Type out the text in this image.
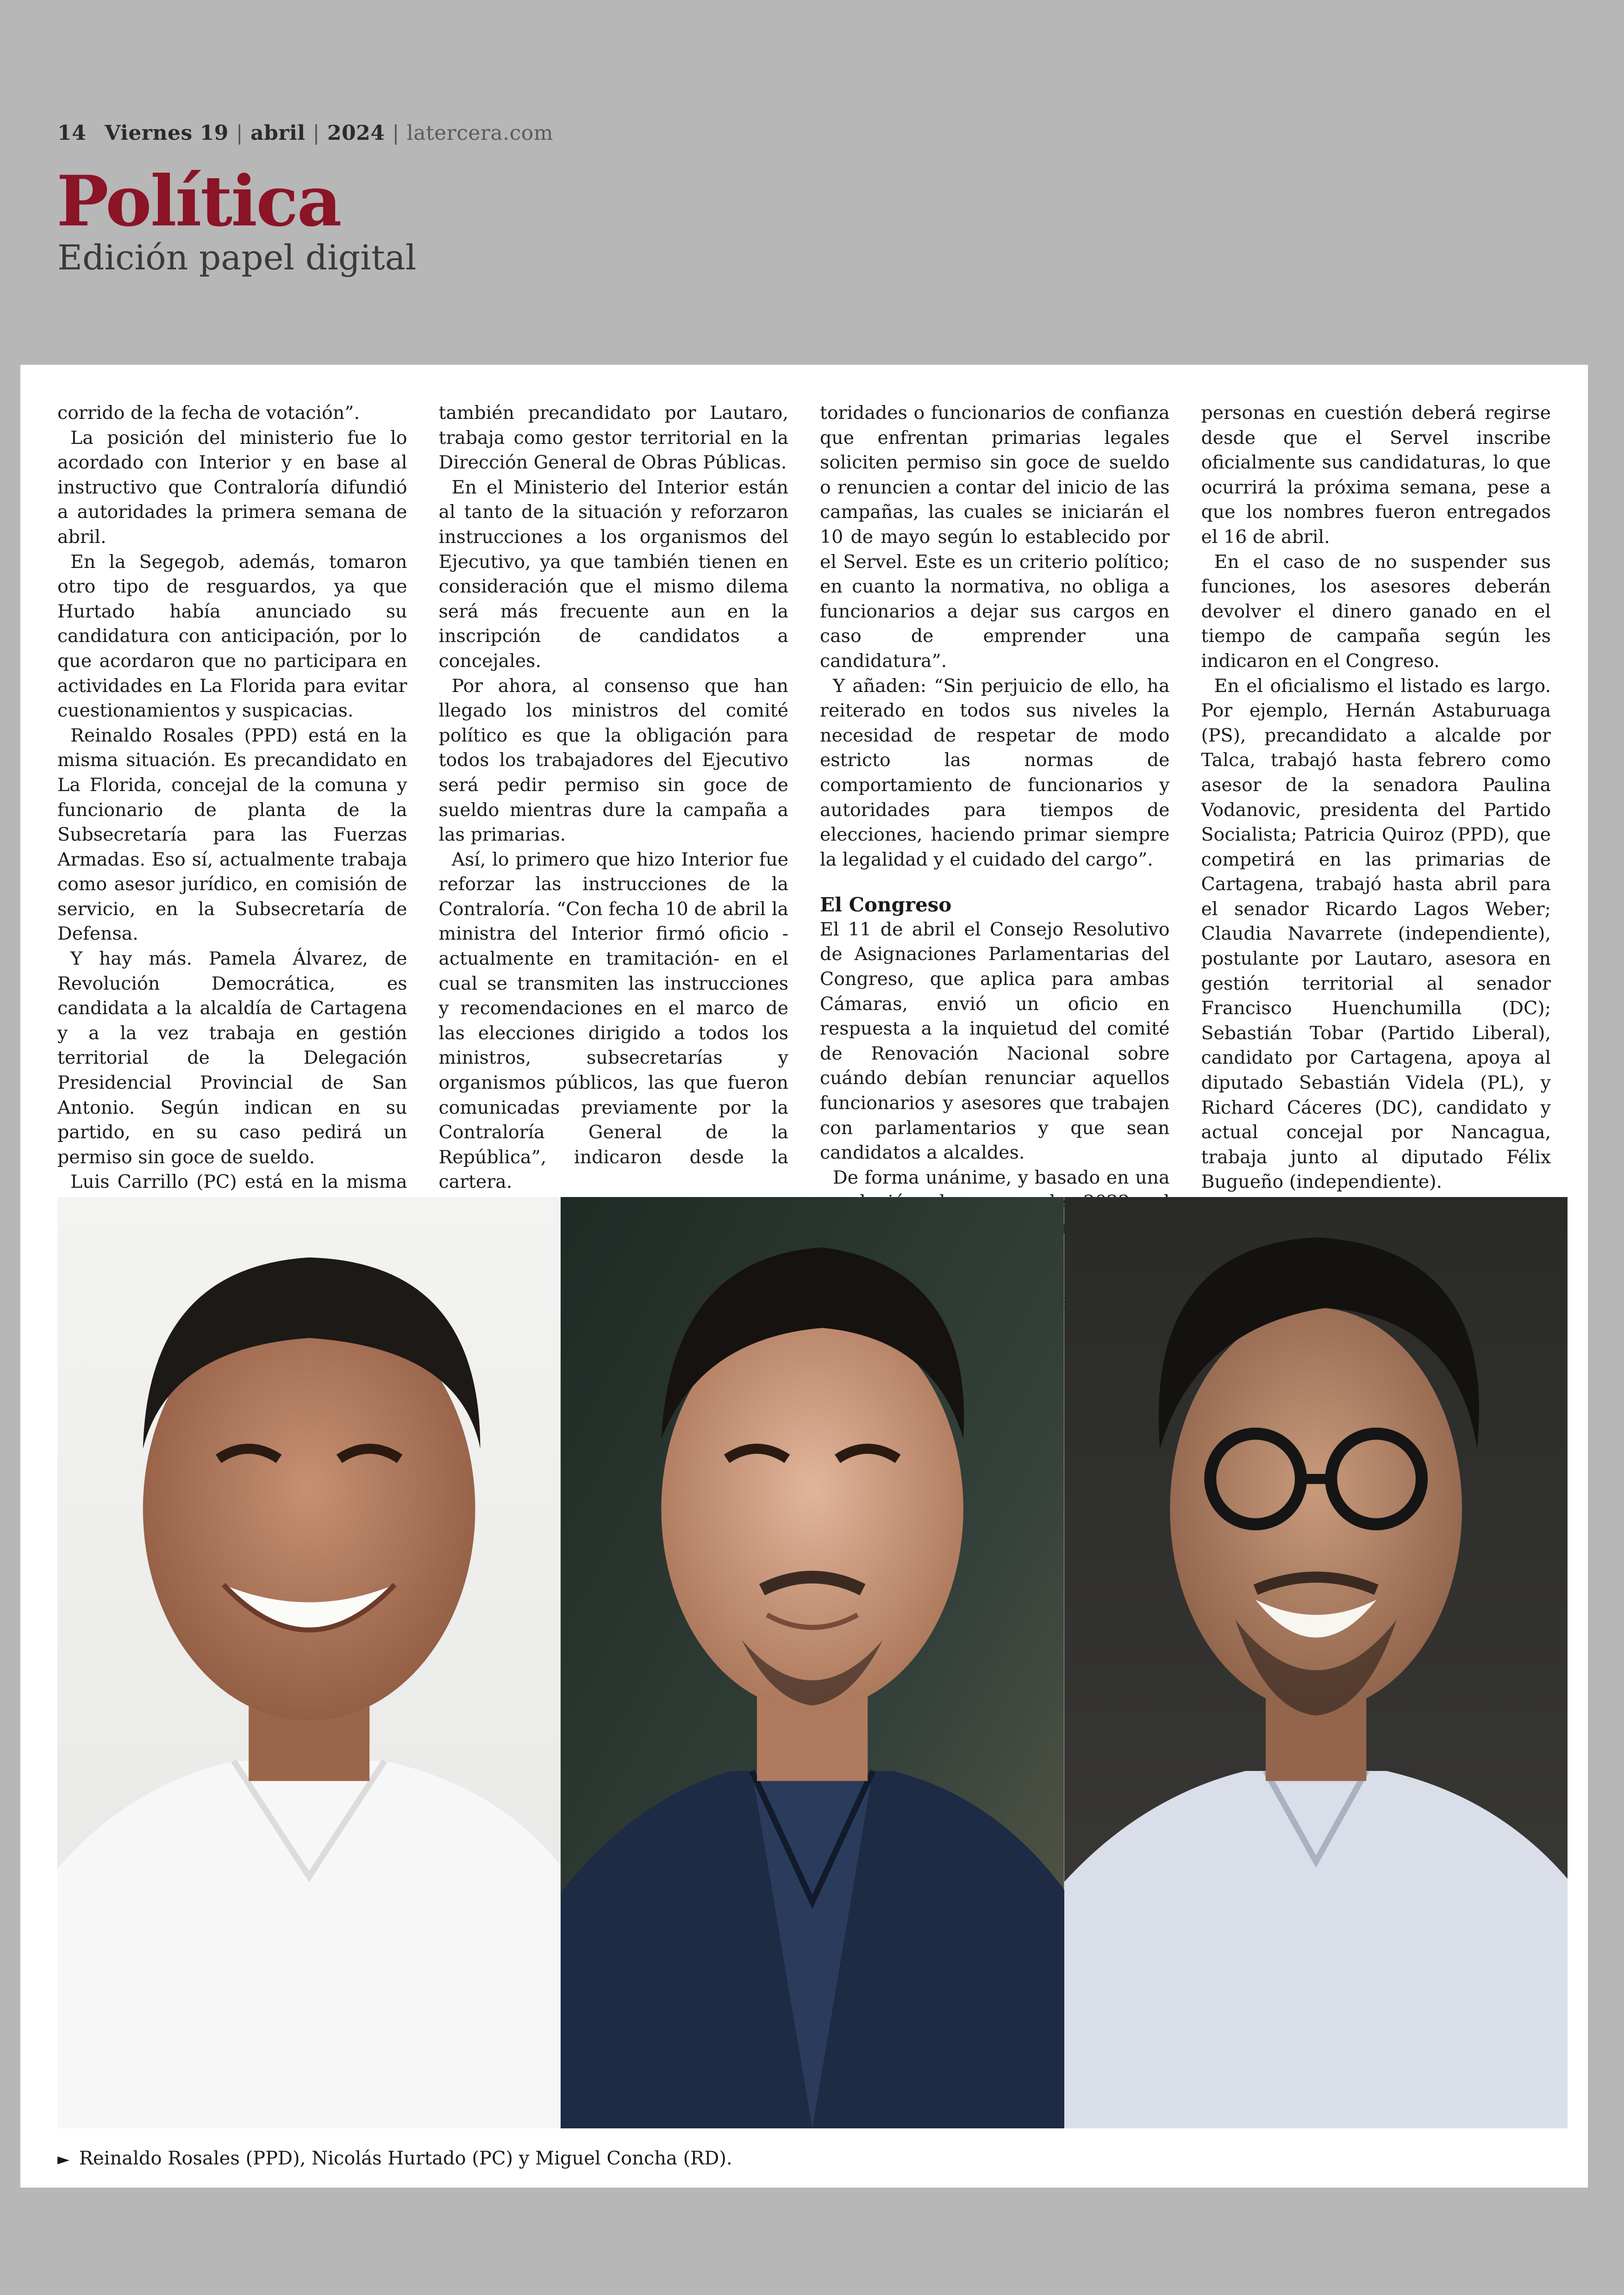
14 Viernes 19 | abril | 2024 | latercera.com
Política
Edición papel digital

corrido de la fecha de votación”.

La posición del ministerio fue lo acordado con Interior y en base al instructivo que Contraloría difundió a autoridades la primera semana de abril.

En la Segegob, además, tomaron otro tipo de resguardos, ya que Hurtado había anunciado su candidatura con anticipación, por lo que acordaron que no participara en actividades en La Florida para evitar cuestionamientos y suspicacias.

Reinaldo Rosales (PPD) está en la misma situación. Es precandidato en La Florida, concejal de la comuna y funcionario de planta de la Subsecretaría para las Fuerzas Armadas. Eso sí, actualmente trabaja como asesor jurídico, en comisión de servicio, en la Subsecretaría de Defensa.

Y hay más. Pamela Álvarez, de Revolución Democrática, es candidata a la alcaldía de Cartagena y a la vez trabaja en gestión territorial de la Delegación Presidencial Provincial de San Antonio. Según indican en su partido, en su caso pedirá un permiso sin goce de sueldo.

Luis Carrillo (PC) está en la misma

también precandidato por Lautaro, trabaja como gestor territorial en la Dirección General de Obras Públicas.

En el Ministerio del Interior están al tanto de la situación y reforzaron instrucciones a los organismos del Ejecutivo, ya que también tienen en consideración que el mismo dilema será más frecuente aun en la inscripción de candidatos a concejales.

Por ahora, al consenso que han llegado los ministros del comité político es que la obligación para todos los trabajadores del Ejecutivo será pedir permiso sin goce de sueldo mientras dure la campaña a las primarias.

Así, lo primero que hizo Interior fue reforzar las instrucciones de la Contraloría. “Con fecha 10 de abril la ministra del Interior firmó oficio -actualmente en tramitación- en el cual se transmiten las instrucciones y recomendaciones en el marco de las elecciones dirigido a todos los ministros, subsecretarías y organismos públicos, las que fueron comunicadas previamente por la Contraloría General de la República”, indicaron desde la cartera.

toridades o funcionarios de confianza que enfrentan primarias legales soliciten permiso sin goce de sueldo o renuncien a contar del inicio de las campañas, las cuales se iniciarán el 10 de mayo según lo establecido por el Servel. Este es un criterio político; en cuanto la normativa, no obliga a funcionarios a dejar sus cargos en caso de emprender una candidatura”.

Y añaden: “Sin perjuicio de ello, ha reiterado en todos sus niveles la necesidad de respetar de modo estricto las normas de comportamiento de funcionarios y autoridades para tiempos de elecciones, haciendo primar siempre la legalidad y el cuidado del cargo”.

El Congreso

El 11 de abril el Consejo Resolutivo de Asignaciones Parlamentarias del Congreso, que aplica para ambas Cámaras, envió un oficio en respuesta a la inquietud del comité de Renovación Nacional sobre cuándo debían renunciar aquellos funcionarios y asesores que trabajen con parlamentarios y que sean candidatos a alcaldes.

De forma unánime, y basado en una

personas en cuestión deberá regirse desde que el Servel inscribe oficialmente sus candidaturas, lo que ocurrirá la próxima semana, pese a que los nombres fueron entregados el 16 de abril.

En el caso de no suspender sus funciones, los asesores deberán devolver el dinero ganado en el tiempo de campaña según les indicaron en el Congreso.

En el oficialismo el listado es largo. Por ejemplo, Hernán Astaburuaga (PS), precandidato a alcalde por Talca, trabajó hasta febrero como asesor de la senadora Paulina Vodanovic, presidenta del Partido Socialista; Patricia Quiroz (PPD), que competirá en las primarias de Cartagena, trabajó hasta abril para el senador Ricardo Lagos Weber; Claudia Navarrete (independiente), postulante por Lautaro, asesora en gestión territorial al senador Francisco Huenchumilla (DC); Sebastián Tobar (Partido Liberal), candidato por Cartagena, apoya al diputado Sebastián Videla (PL), y Richard Cáceres (DC), candidato y actual concejal por Nancagua, trabaja junto al diputado Félix Bugueño (independiente).

► Reinaldo Rosales (PPD), Nicolás Hurtado (PC) y Miguel Concha (RD).
